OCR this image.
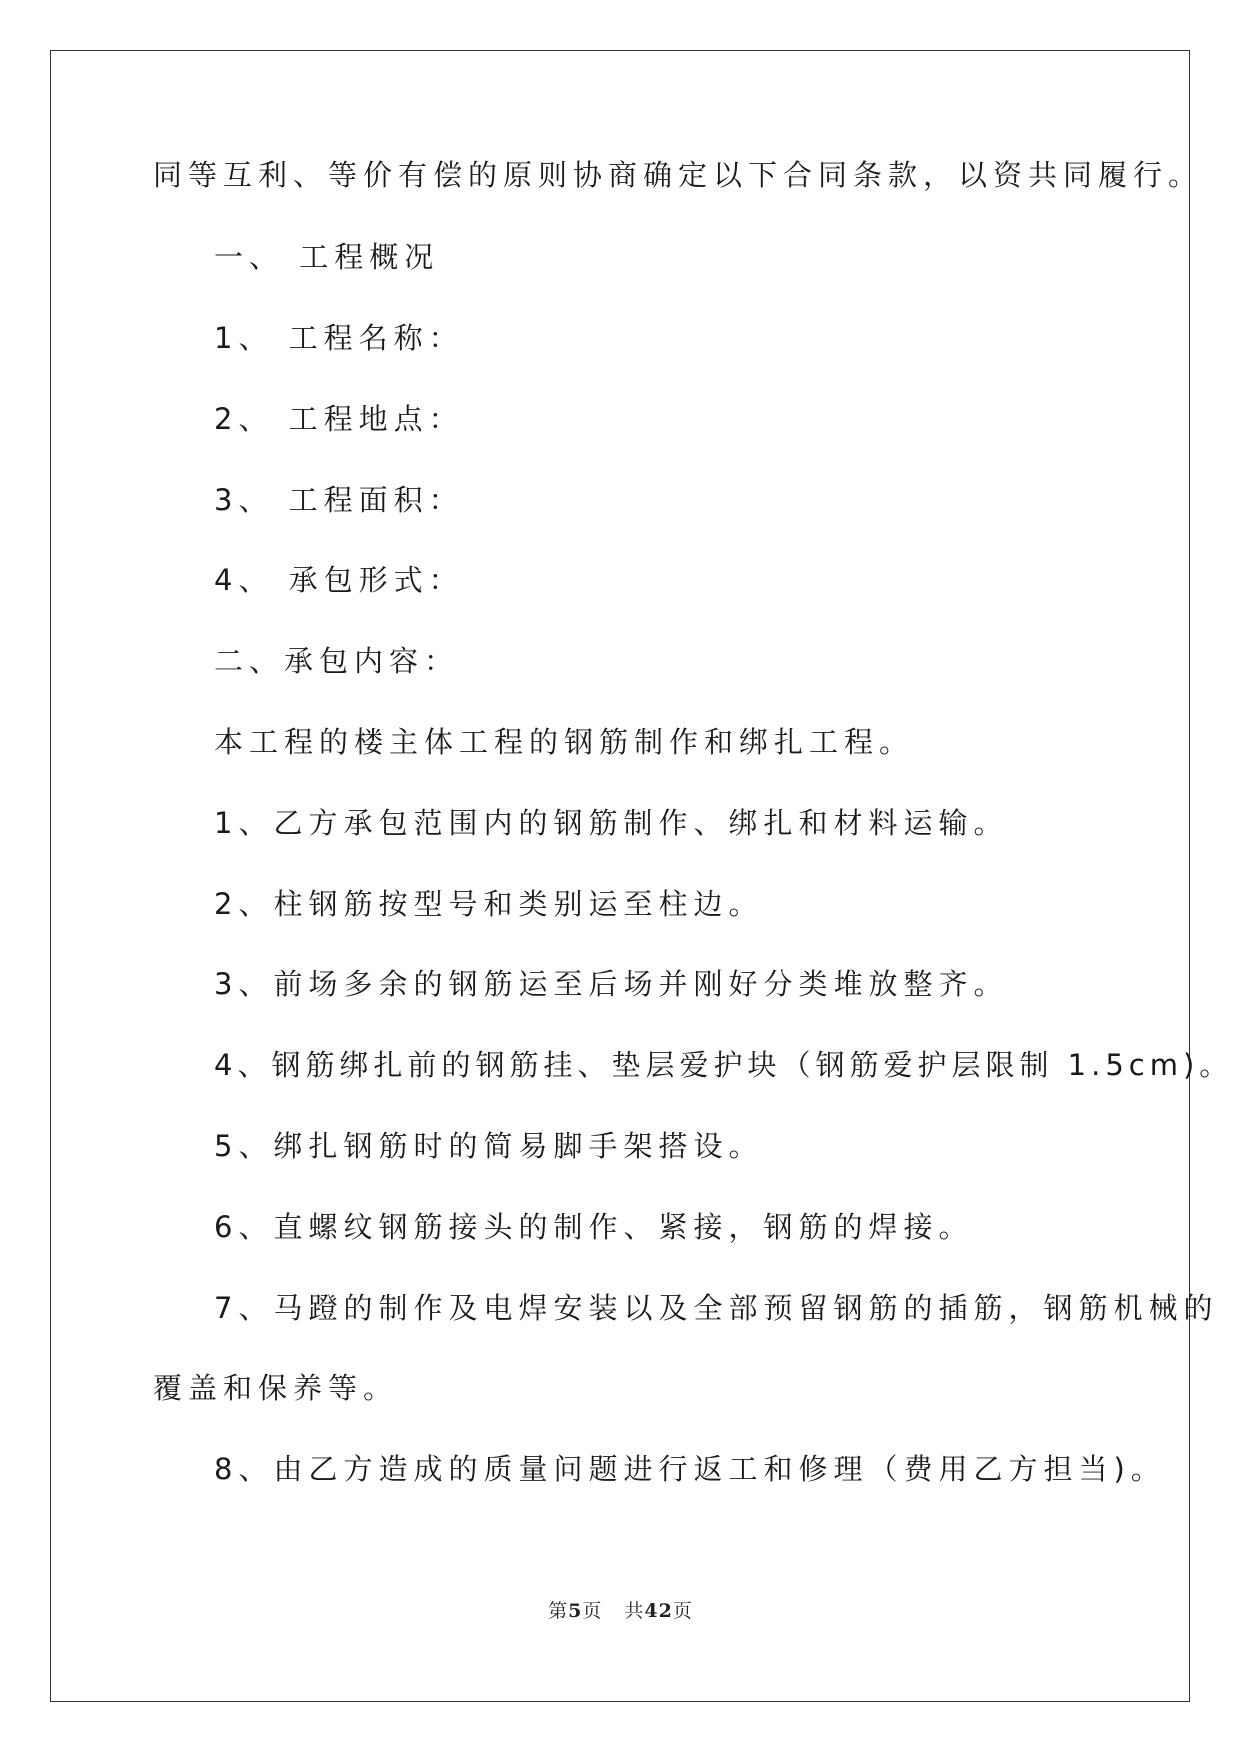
同等互利、等价有偿的原则协商确定以下合同条款，以资共同履行。
一、 工程概况
1、 工程名称：
2、 工程地点：
3、 工程面积：
4、 承包形式：
二、承包内容：
本工程的楼主体工程的钢筋制作和绑扎工程。
1、乙方承包范围内的钢筋制作、绑扎和材料运输。
2、柱钢筋按型号和类别运至柱边。
3、前场多余的钢筋运至后场并刚好分类堆放整齐。
4、钢筋绑扎前的钢筋挂、垫层爱护块（钢筋爱护层限制 1.5cm)。
5、绑扎钢筋时的简易脚手架搭设。
6、直螺纹钢筋接头的制作、紧接，钢筋的焊接。
7、马蹬的制作及电焊安装以及全部预留钢筋的插筋，钢筋机械的
覆盖和保养等。
8、由乙方造成的质量问题进行返工和修理（费用乙方担当)。
第5页 共42页
